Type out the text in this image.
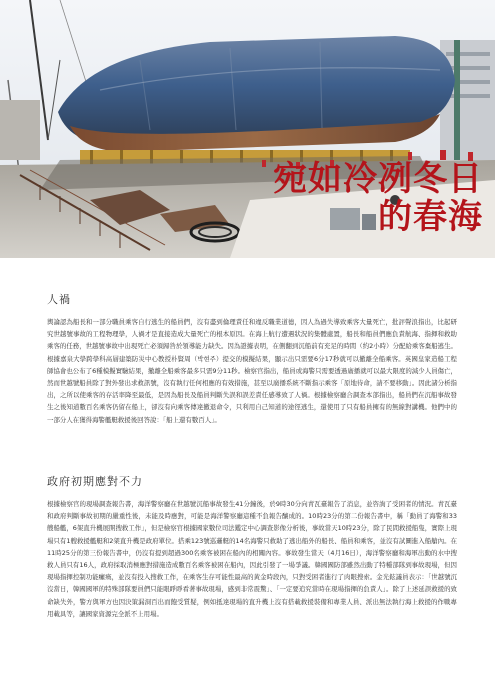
宛如冷冽冬日
的春海
人禍

輿論認為船長和一部分職員乘客自行逃生的船員們，沒有盡到倫理責任和違反職業道德，因人為過失導致乘客大量死亡，批評聲浪指出，比起研究世越號事故的工程物理學，人禍才是直接造成大量死亡的根本原因。在海上航行遭遇狀況的集體處置，船長和船員們應負責航海、指揮和救助乘客的任務，世越號事故中出現死亡必須歸咎於領導能力缺失。因為證據表明，在側翻到沉船前有充足的時間（約2小時）分配給乘客棄船逃生。根據嘉泉大學跨學科高層建築防災中心教授朴賢周（박현주）提交的模擬結果，顯示出只需要6分17秒就可以撤離全船乘客。英國皇家造船工程師協會也公布了6種模擬實驗結果，撤離全船乘客最多只需9分11秒。檢察官指出，船員或海警只需要透過廣播就可以最大限度的減少人員傷亡，然而世越號船員除了對外發出求救訊號，沒有執行任何相應的有效措施，甚至以廣播系統不斷指示乘客「原地待命，請不要移動」。因此諸分析指出，之所以使乘客的存活率降至最低，是因為船長及船員判斷失誤和誤差責任感導致了人禍。根據檢察廳合調查本部指出，船員們在沉船事故發生之後知道數百名乘客仍留在船上，卻沒有向乘客傳達撤退命令，只利用自己知道的途徑逃生，還使用了只有船員擁有的無線對講機。他們中的一部分人在獲得海警艦艇救援後回答說：「船上還有數百人」。

政府初期應對不力

根據檢察官的現場調查報告書，海洋警察廳在世越號沉船事故發生41分鐘後，於9時30分向青瓦臺報告了消息，並咨詢了受困者的情況。青瓦臺和政府判斷事故初期的嚴重性後，未能及時應對，可能是海洋警察廳這種不負報告釀成的。10時23分的第二份報告書中，稱「動員了海警和33艘船艦，6架直升機展開搜救工作」，但是檢察官根據國家數位司法鑑定中心調查影像分析後，事故當天10時23分，除了民間救援船隻，實際上現場只有1艘救援艦艇和2架直升機是政府單位。搭乘123號巡邏艇的14名海警只救助了逃出船外的船長、船員和乘客，並沒有試圖進入船艙內。在11時25分的第三份報告書中，仍沒有提到超過300名乘客被困在船內的相關內容。事故發生當天（4月16日），海洋警察廳和海軍出動的水中搜救人員只有16人，政府採取消極應對措施造成數百名乘客被困在船內，因此引發了一場爭議。韓國國防部雖然出動了特種部隊到事故現場，但因現場指揮控制功能癱瘓，並沒有投入搜救工作，在乘客生存可能性最高的黃金時段內，只對受困者進行了肉眼搜索。金光鉉議員表示：「世越號沉沒當日，韓國國軍的特殊部隊要員們只能眼睜睜看著事故現場，感到非常震驚」、「一定要追究當時在現場指揮的負責人」。除了上述延誤救援的致命缺失外，警方與軍方也因決策漏洞百出而飽受質疑，例如抵達現場的直升機上沒有搭載救援裝備和專業人員、派出無法執行海上救援的作戰專用載具等，讓國家資源完全派不上用場。
